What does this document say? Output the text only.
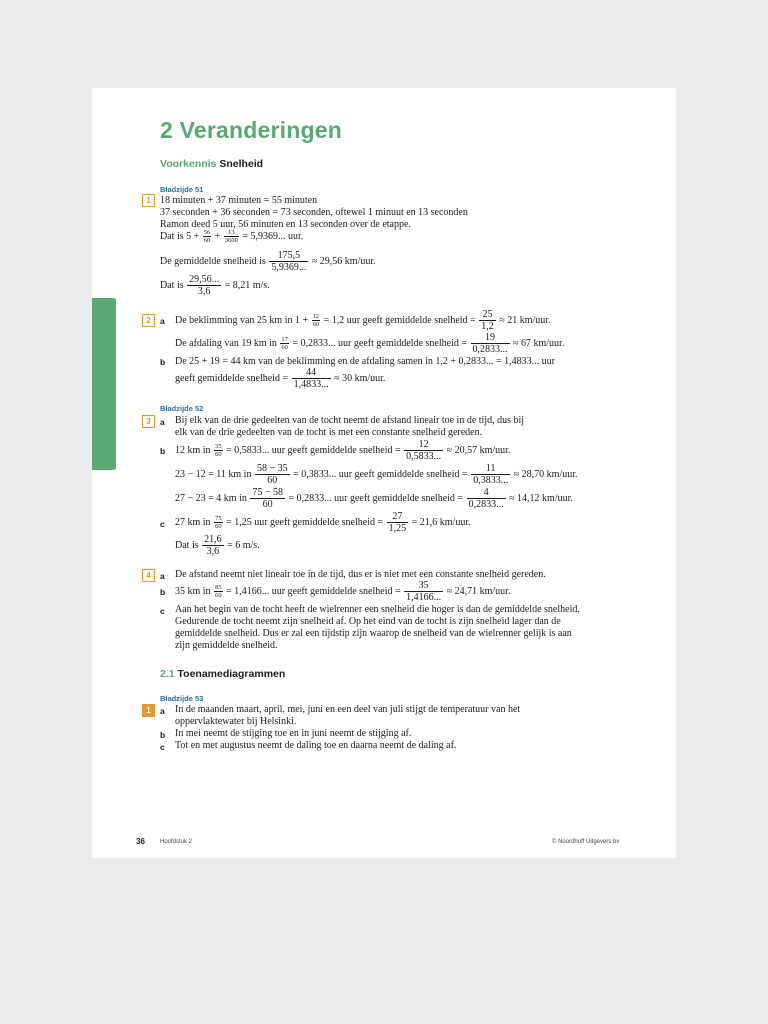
2 Veranderingen
Voorkennis Snelheid
Bladzijde 51
1 18 minuten + 37 minuten = 55 minuten
37 seconden + 36 seconden = 73 seconden, oftewel 1 minuut en 13 seconden
Ramon deed 5 uur, 56 minuten en 13 seconden over de etappe.
Dat is $5 + \frac{56}{60} + \frac{13}{3600} = 5,9369$... uur.
De gemiddelde snelheid is $\frac{175,5}{5,9369...} \approx 29,56$ km/uur.
Dat is $\frac{29,56...}{3,6} = 8,21$ m/s.
2	a De beklimming van 25 km in $1 + \frac{12}{60} = 1,2$ uur geeft gemiddelde snelheid = $\frac{25}{1,2} \approx 21$ km/uur.
De afdaling van 19 km in $\frac{17}{60} = 0,2833$... uur geeft gemiddelde snelheid = $\frac{19}{0,2833...} \approx 67$ km/uur.
b De 25 + 19 = 44 km van de beklimming en de afdaling samen in 1,2 + 0,2833... = 1,4833... uur
geeft gemiddelde snelheid = $\frac{44}{1,4833...} \approx 30$ km/uur.
Bladzijde 52
3	a Bij elk van de drie gedeelten van de tocht neemt de afstand lineair toe in de tijd, dus bij
elk van de drie gedeelten van de tocht is met een constante snelheid gereden.
b 12 km in $\frac{35}{60} = 0,5833$... uur geeft gemiddelde snelheid = $\frac{12}{0,5833...} \approx 20,57$ km/uur.
23 − 12 = 11 km in $\frac{58 - 35}{60} = 0,3833$... uur geeft gemiddelde snelheid = $\frac{11}{0,3833...} \approx 28,70$ km/uur.
27 − 23 = 4 km in $\frac{75 - 58}{60} = 0,2833$... uur geeft gemiddelde snelheid = $\frac{4}{0,2833...} \approx 14,12$ km/uur.
c 27 km in $\frac{75}{60} = 1,25$ uur geeft gemiddelde snelheid = $\frac{27}{1,25} = 21,6$ km/uur.
Dat is $\frac{21,6}{3,6} = 6$ m/s.
4	a De afstand neemt niet lineair toe in de tijd, dus er is niet met een constante snelheid gereden.
b 35 km in $\frac{85}{60} = 1,4166$... uur geeft gemiddelde snelheid = $\frac{35}{1,4166...} \approx 24,71$ km/uur.
c Aan het begin van de tocht heeft de wielrenner een snelheid die hoger is dan de gemiddelde snelheid.
Gedurende de tocht neemt zijn snelheid af. Op het eind van de tocht is zijn snelheid lager dan de
gemiddelde snelheid. Dus er zal een tijdstip zijn waarop de snelheid van de wielrenner gelijk is aan
zijn gemiddelde snelheid.
2.1 Toenamediagrammen
Bladzijde 53
1	a In de maanden maart, april, mei, juni en een deel van juli stijgt de temperatuur van het
oppervlaktewater bij Helsinki.
b In mei neemt de stijging toe en in juni neemt de stijging af.
c Tot en met augustus neemt de daling toe en daarna neemt de daling af.
36	Hoofdstuk 2	© Noordhoff Uitgevers bv
